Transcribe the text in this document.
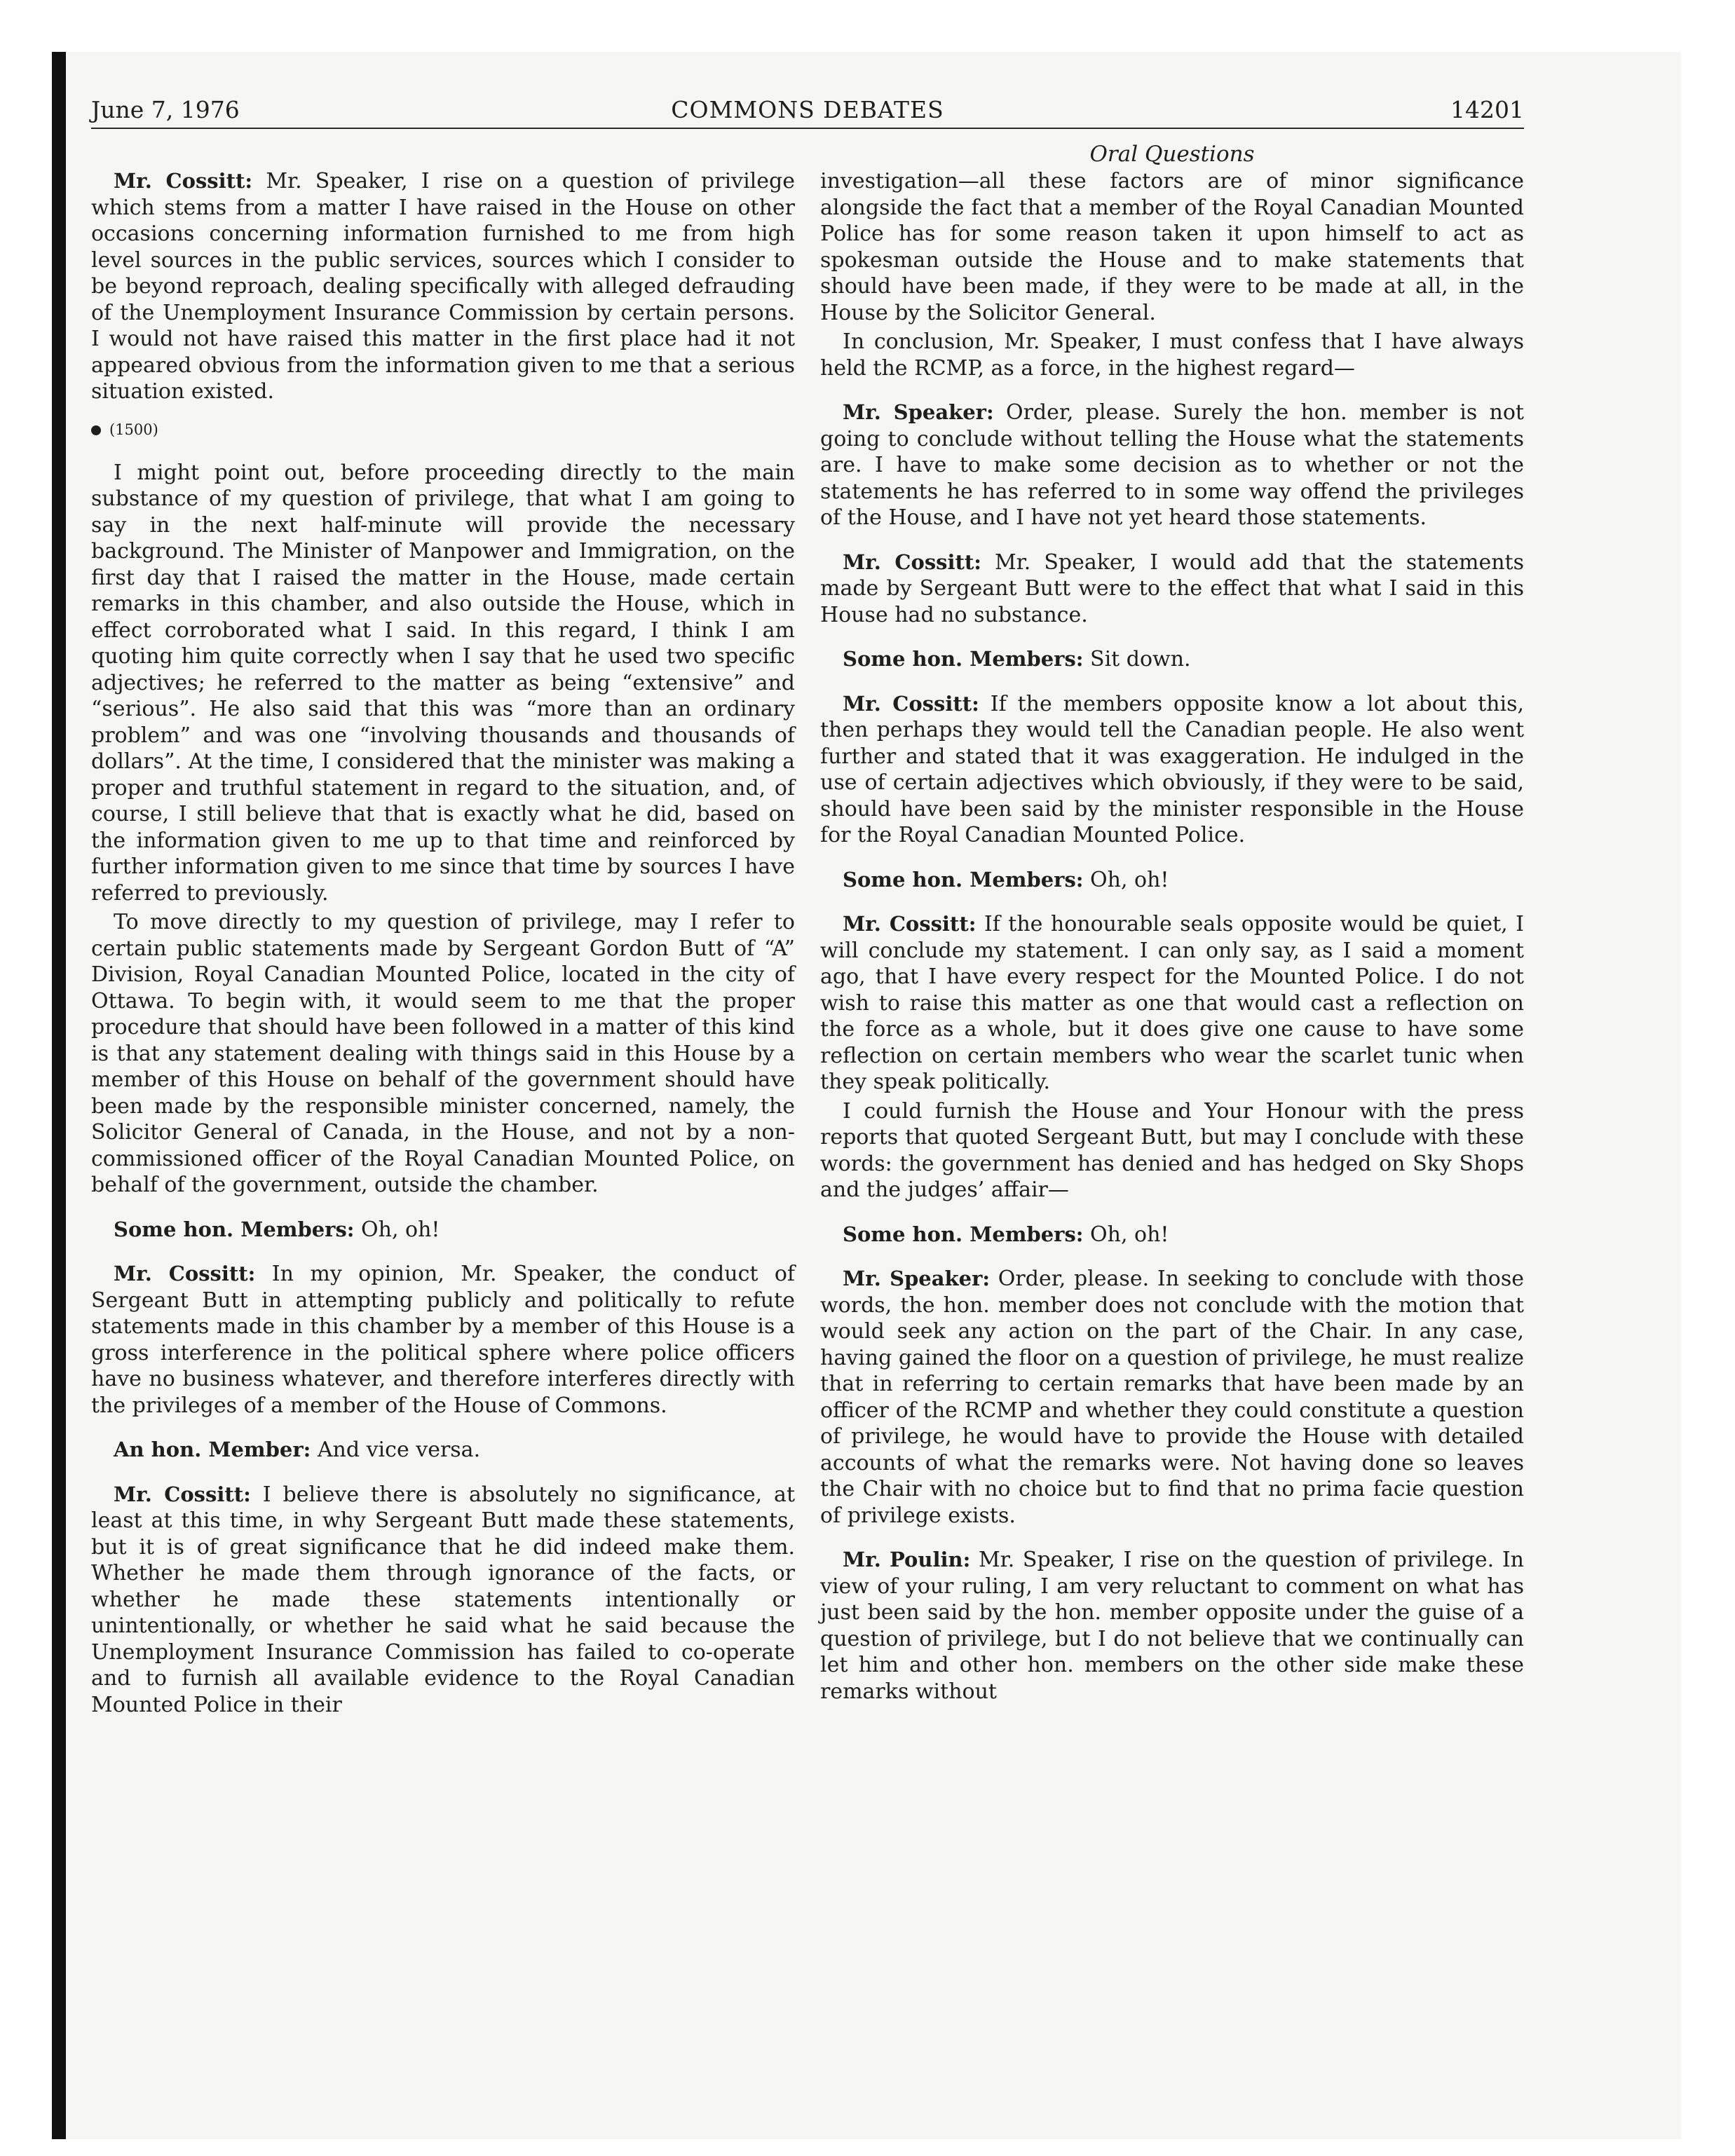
June 7, 1976	COMMONS DEBATES	14201
Oral Questions

Mr. Cossitt: Mr. Speaker, I rise on a question of privilege which stems from a matter I have raised in the House on other occasions concerning information furnished to me from high level sources in the public services, sources which I consider to be beyond reproach, dealing specifically with alleged defrauding of the Unemployment Insurance Commission by certain persons. I would not have raised this matter in the first place had it not appeared obvious from the information given to me that a serious situation existed.

(1500)

I might point out, before proceeding directly to the main substance of my question of privilege, that what I am going to say in the next half-minute will provide the necessary background. The Minister of Manpower and Immigration, on the first day that I raised the matter in the House, made certain remarks in this chamber, and also outside the House, which in effect corroborated what I said. In this regard, I think I am quoting him quite correctly when I say that he used two specific adjectives; he referred to the matter as being “extensive” and “serious”. He also said that this was “more than an ordinary problem” and was one “involving thousands and thousands of dollars”. At the time, I considered that the minister was making a proper and truthful statement in regard to the situation, and, of course, I still believe that that is exactly what he did, based on the information given to me up to that time and reinforced by further information given to me since that time by sources I have referred to previously.

To move directly to my question of privilege, may I refer to certain public statements made by Sergeant Gordon Butt of “A” Division, Royal Canadian Mounted Police, located in the city of Ottawa. To begin with, it would seem to me that the proper procedure that should have been followed in a matter of this kind is that any statement dealing with things said in this House by a member of this House on behalf of the government should have been made by the responsible minister concerned, namely, the Solicitor General of Canada, in the House, and not by a non-commissioned officer of the Royal Canadian Mounted Police, on behalf of the government, outside the chamber.

Some hon. Members: Oh, oh!

Mr. Cossitt: In my opinion, Mr. Speaker, the conduct of Sergeant Butt in attempting publicly and politically to refute statements made in this chamber by a member of this House is a gross interference in the political sphere where police officers have no business whatever, and therefore interferes directly with the privileges of a member of the House of Commons.

An hon. Member: And vice versa.

Mr. Cossitt: I believe there is absolutely no significance, at least at this time, in why Sergeant Butt made these statements, but it is of great significance that he did indeed make them. Whether he made them through ignorance of the facts, or whether he made these statements intentionally or unintentionally, or whether he said what he said because the Unemployment Insurance Commission has failed to co-operate and to furnish all available evidence to the Royal Canadian Mounted Police in their

investigation—all these factors are of minor significance alongside the fact that a member of the Royal Canadian Mounted Police has for some reason taken it upon himself to act as spokesman outside the House and to make statements that should have been made, if they were to be made at all, in the House by the Solicitor General.

In conclusion, Mr. Speaker, I must confess that I have always held the RCMP, as a force, in the highest regard—

Mr. Speaker: Order, please. Surely the hon. member is not going to conclude without telling the House what the statements are. I have to make some decision as to whether or not the statements he has referred to in some way offend the privileges of the House, and I have not yet heard those statements.

Mr. Cossitt: Mr. Speaker, I would add that the statements made by Sergeant Butt were to the effect that what I said in this House had no substance.

Some hon. Members: Sit down.

Mr. Cossitt: If the members opposite know a lot about this, then perhaps they would tell the Canadian people. He also went further and stated that it was exaggeration. He indulged in the use of certain adjectives which obviously, if they were to be said, should have been said by the minister responsible in the House for the Royal Canadian Mounted Police.

Some hon. Members: Oh, oh!

Mr. Cossitt: If the honourable seals opposite would be quiet, I will conclude my statement. I can only say, as I said a moment ago, that I have every respect for the Mounted Police. I do not wish to raise this matter as one that would cast a reflection on the force as a whole, but it does give one cause to have some reflection on certain members who wear the scarlet tunic when they speak politically.

I could furnish the House and Your Honour with the press reports that quoted Sergeant Butt, but may I conclude with these words: the government has denied and has hedged on Sky Shops and the judges’ affair—

Some hon. Members: Oh, oh!

Mr. Speaker: Order, please. In seeking to conclude with those words, the hon. member does not conclude with the motion that would seek any action on the part of the Chair. In any case, having gained the floor on a question of privilege, he must realize that in referring to certain remarks that have been made by an officer of the RCMP and whether they could constitute a question of privilege, he would have to provide the House with detailed accounts of what the remarks were. Not having done so leaves the Chair with no choice but to find that no prima facie question of privilege exists.

Mr. Poulin: Mr. Speaker, I rise on the question of privilege. In view of your ruling, I am very reluctant to comment on what has just been said by the hon. member opposite under the guise of a question of privilege, but I do not believe that we continually can let him and other hon. members on the other side make these remarks without
